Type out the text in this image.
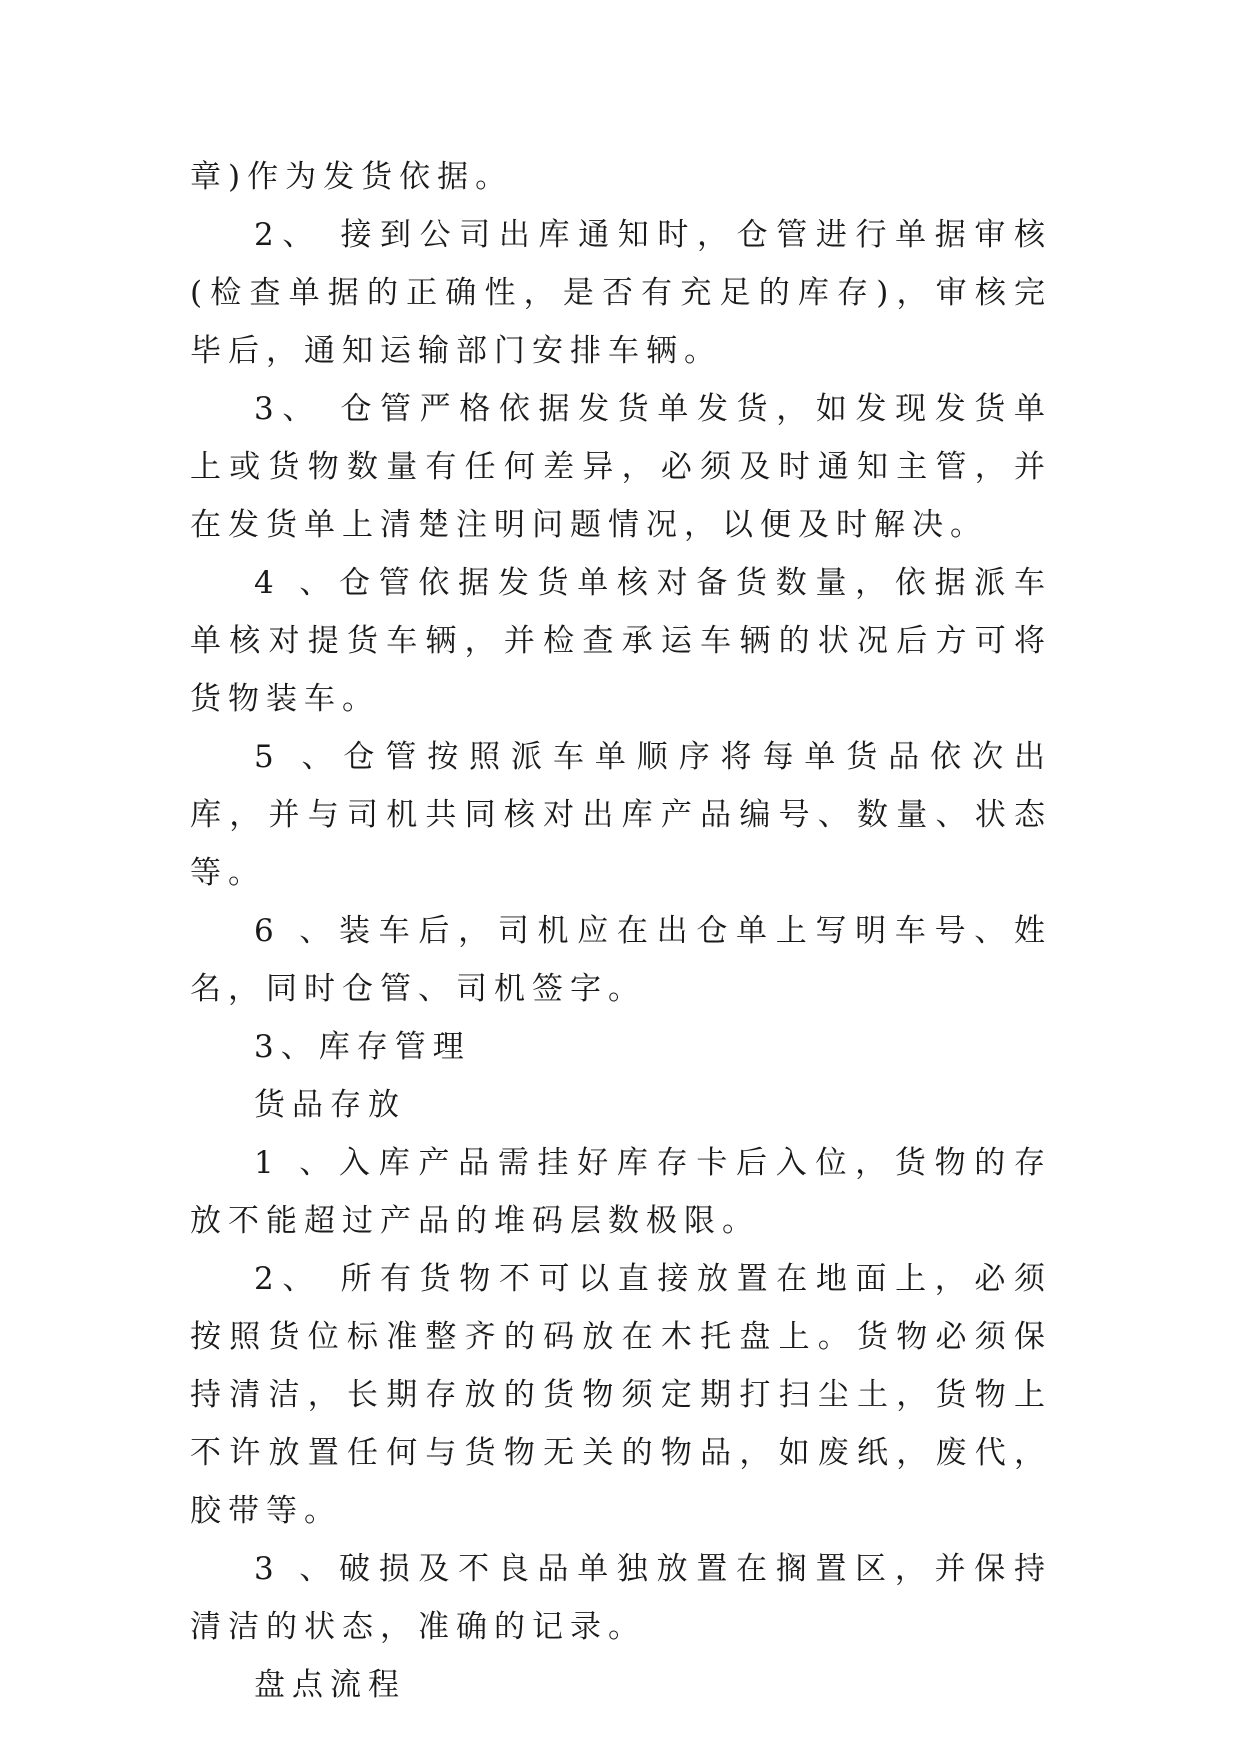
章)作为发货依据。

2、 接到公司出库通知时，仓管进行单据审核(检查单据的正确性，是否有充足的库存)，审核完毕后，通知运输部门安排车辆。

3、 仓管严格依据发货单发货，如发现发货单上或货物数量有任何差异，必须及时通知主管，并在发货单上清楚注明问题情况，以便及时解决。

4 、仓管依据发货单核对备货数量，依据派车单核对提货车辆，并检查承运车辆的状况后方可将货物装车。

5 、仓管按照派车单顺序将每单货品依次出库，并与司机共同核对出库产品编号、数量、状态等。

6 、装车后，司机应在出仓单上写明车号、姓名，同时仓管、司机签字。

3、库存管理

货品存放

1 、入库产品需挂好库存卡后入位，货物的存放不能超过产品的堆码层数极限。

2、 所有货物不可以直接放置在地面上，必须按照货位标准整齐的码放在木托盘上。货物必须保持清洁，长期存放的货物须定期打扫尘土，货物上不许放置任何与货物无关的物品，如废纸，废代，胶带等。

3 、破损及不良品单独放置在搁置区，并保持清洁的状态，准确的记录。

盘点流程
